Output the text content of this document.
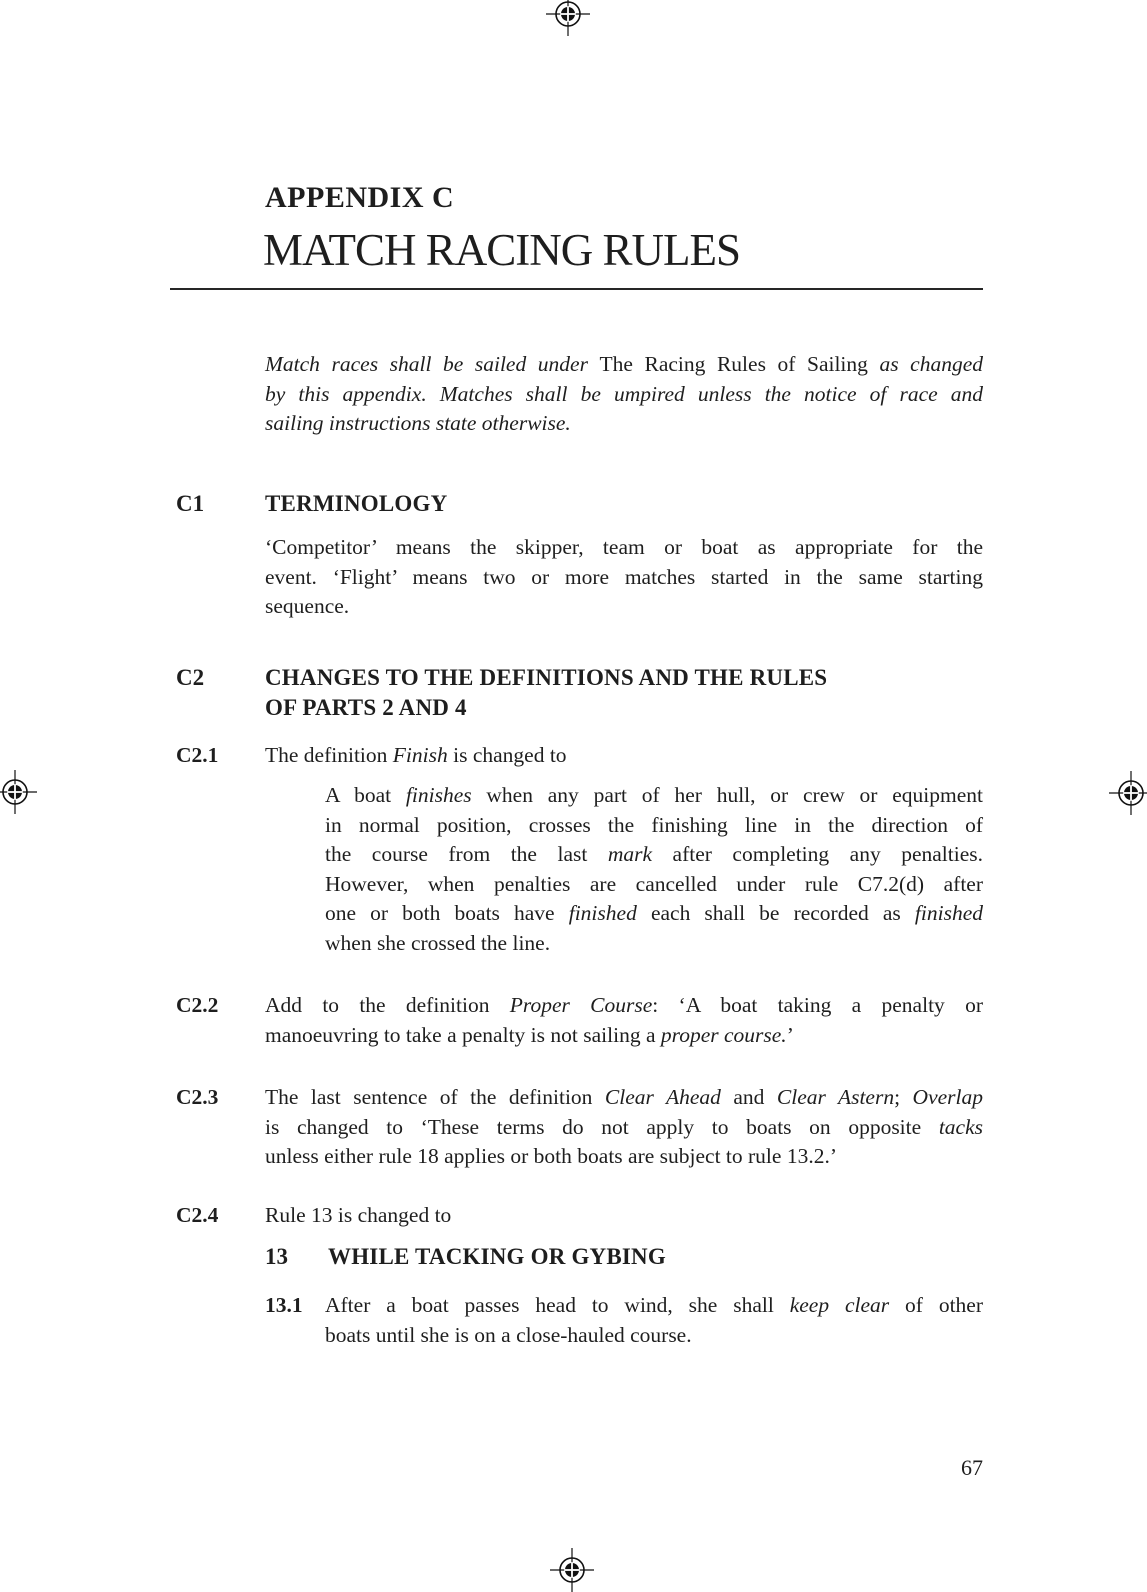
APPENDIX C
MATCH RACING RULES
Match races shall be sailed under The Racing Rules of Sailing as changed
by this appendix. Matches shall be umpired unless the notice of race and
sailing instructions state otherwise.
C1	TERMINOLOGY
‘Competitor’ means the skipper, team or boat as appropriate for the
event. ‘Flight’ means two or more matches started in the same starting
sequence.
C2	CHANGES TO THE DEFINITIONS AND THE RULES
OF PARTS 2 AND 4
C2.1	The definition Finish is changed to
A boat finishes when any part of her hull, or crew or equipment
in normal position, crosses the finishing line in the direction of
the course from the last mark after completing any penalties.
However, when penalties are cancelled under rule C7.2(d) after
one or both boats have finished each shall be recorded as finished
when she crossed the line.
C2.2	Add to the definition Proper Course: ‘A boat taking a penalty or
manoeuvring to take a penalty is not sailing a proper course.’
C2.3	The last sentence of the definition Clear Ahead and Clear Astern; Overlap
is changed to ‘These terms do not apply to boats on opposite tacks
unless either rule 18 applies or both boats are subject to rule 13.2.’
C2.4	Rule 13 is changed to
13	WHILE TACKING OR GYBING
13.1	After a boat passes head to wind, she shall keep clear of other
boats until she is on a close-hauled course.
67
